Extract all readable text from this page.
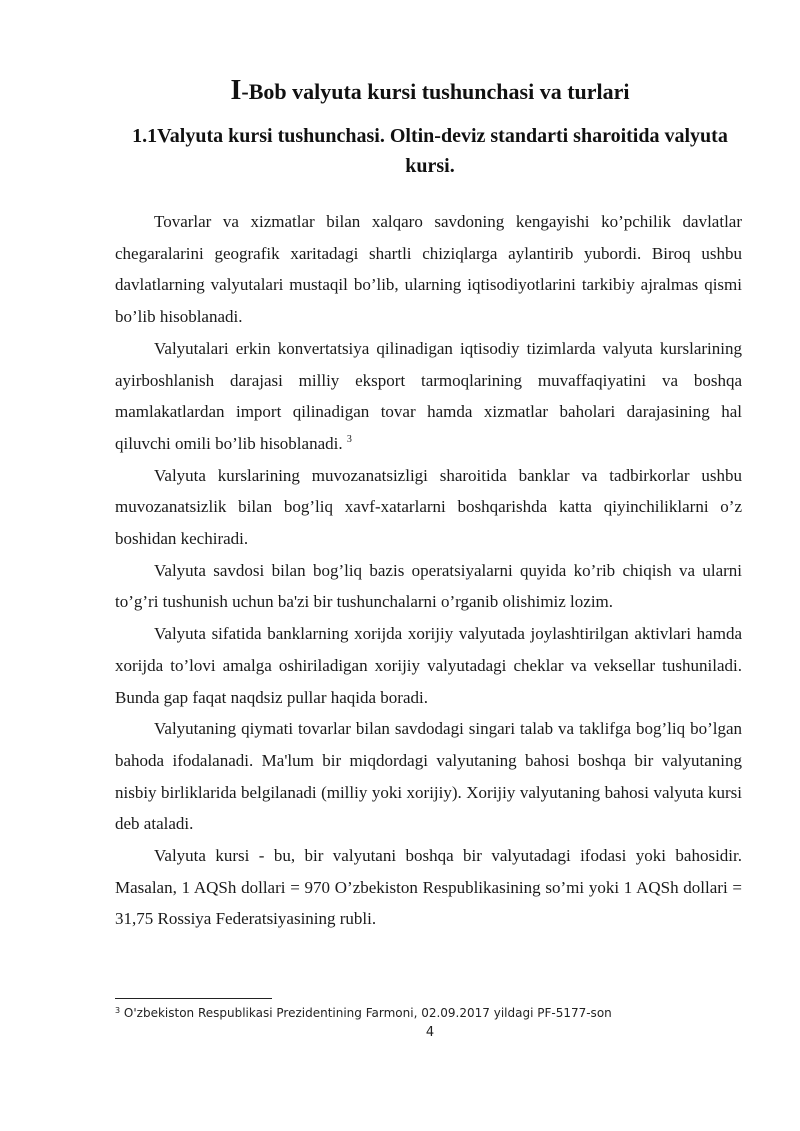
I-Bob valyuta kursi tushunchasi va turlari
1.1Valyuta kursi tushunchasi. Oltin-deviz standarti sharoitida valyuta kursi.

Tovarlar va xizmatlar bilan xalqaro savdoning kengayishi ko’pchilik davlatlar chegaralarini geografik xaritadagi shartli chiziqlarga aylantirib yubordi. Biroq ushbu davlatlarning valyutalari mustaqil bo’lib, ularning iqtisodiyotlarini tarkibiy ajralmas qismi bo’lib hisoblanadi.

Valyutalari erkin konvertatsiya qilinadigan iqtisodiy tizimlarda valyuta kurslarining ayirboshlanish darajasi milliy eksport tarmoqlarining muvaffaqiyatini va boshqa mamlakatlardan import qilinadigan tovar hamda xizmatlar baholari darajasining hal qiluvchi omili bo’lib hisoblanadi. $^3$

Valyuta kurslarining muvozanatsizligi sharoitida banklar va tadbirkorlar ushbu muvozanatsizlik bilan bog’liq xavf-xatarlarni boshqarishda katta qiyinchiliklarni o’z boshidan kechiradi.

Valyuta savdosi bilan bog’liq bazis operatsiyalarni quyida ko’rib chiqish va ularni to’g’ri tushunish uchun ba'zi bir tushunchalarni o’rganib olishimiz lozim.

Valyuta sifatida banklarning xorijda xorijiy valyutada joylashtirilgan aktivlari hamda xorijda to’lovi amalga oshiriladigan xorijiy valyutadagi cheklar va veksellar tushuniladi. Bunda gap faqat naqdsiz pullar haqida boradi.

Valyutaning qiymati tovarlar bilan savdodagi singari talab va taklifga bog’liq bo’lgan bahoda ifodalanadi. Ma'lum bir miqdordagi valyutaning bahosi boshqa bir valyutaning nisbiy birliklarida belgilanadi (milliy yoki xorijiy). Xorijiy valyutaning bahosi valyuta kursi deb ataladi.

Valyuta kursi - bu, bir valyutani boshqa bir valyutadagi ifodasi yoki bahosidir. Masalan, 1 AQSh dollari = 970 O’zbekiston Respublikasining so’mi yoki 1 AQSh dollari = 31,75 Rossiya Federatsiyasining rubli.

$^3$ O'zbekiston Respublikasi Prezidentining Farmoni, 02.09.2017 yildagi PF-5177-son
4
